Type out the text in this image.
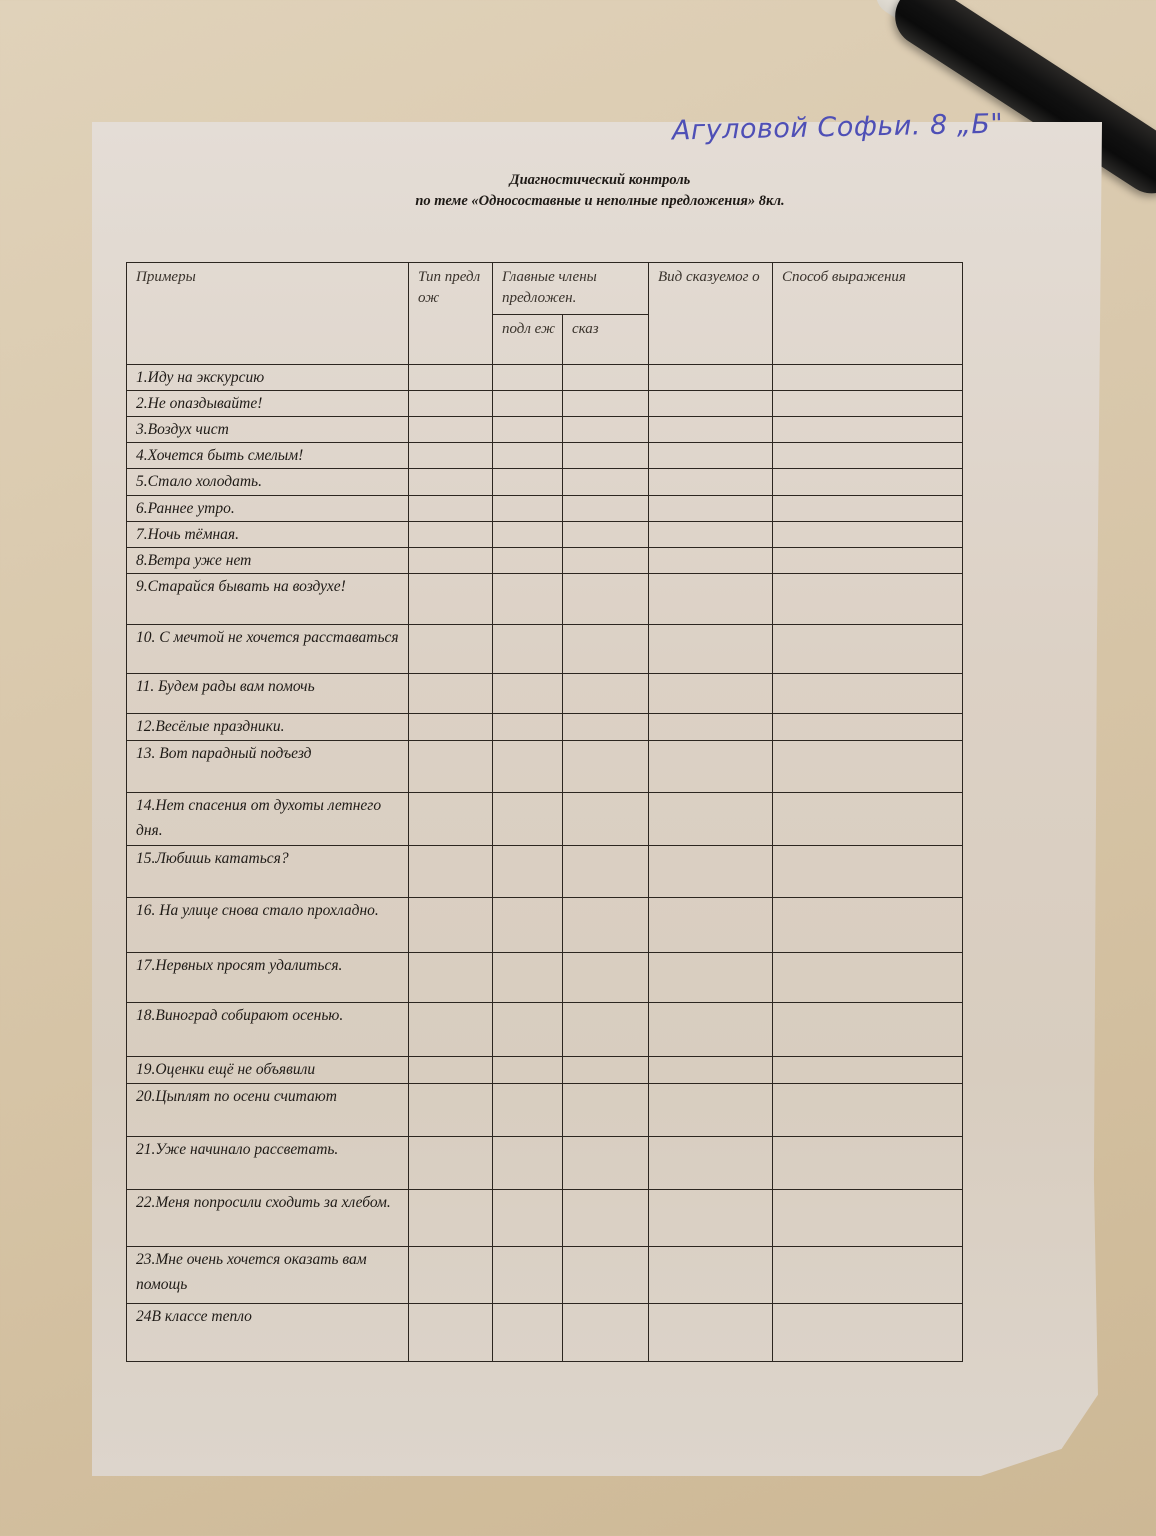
Агуловой Софьи. 8 „Б"
Диагностический контроль
по теме «Односоставные и неполные предложения» 8кл.
Примеры	Тип предл ож	Главные члены предложен.		Вид сказуемог о	Способ выражения
		подл еж	сказ		
1.Иду на экскурсию					
2.Не опаздывайте!					
3.Воздух чист					
4.Хочется быть смелым!					
5.Стало холодать.					
6.Раннее утро.					
7.Ночь тёмная.					
8.Ветра уже нет					
9.Старайся бывать на воздухе!					
10. С мечтой не хочется расставаться					
11. Будем рады вам помочь					
12.Весёлые праздники.					
13. Вот парадный подъезд					
14.Нет спасения от духоты летнего дня.					
15.Любишь кататься?					
16. На улице снова стало прохладно.					
17.Нервных просят удалиться.					
18.Виноград собирают осенью.					
19.Оценки ещё не объявили					
20.Цыплят по осени считают					
21.Уже начинало рассветать.					
22.Меня попросили сходить за хлебом.					
23.Мне очень хочется оказать вам помощь					
24В классе тепло					
